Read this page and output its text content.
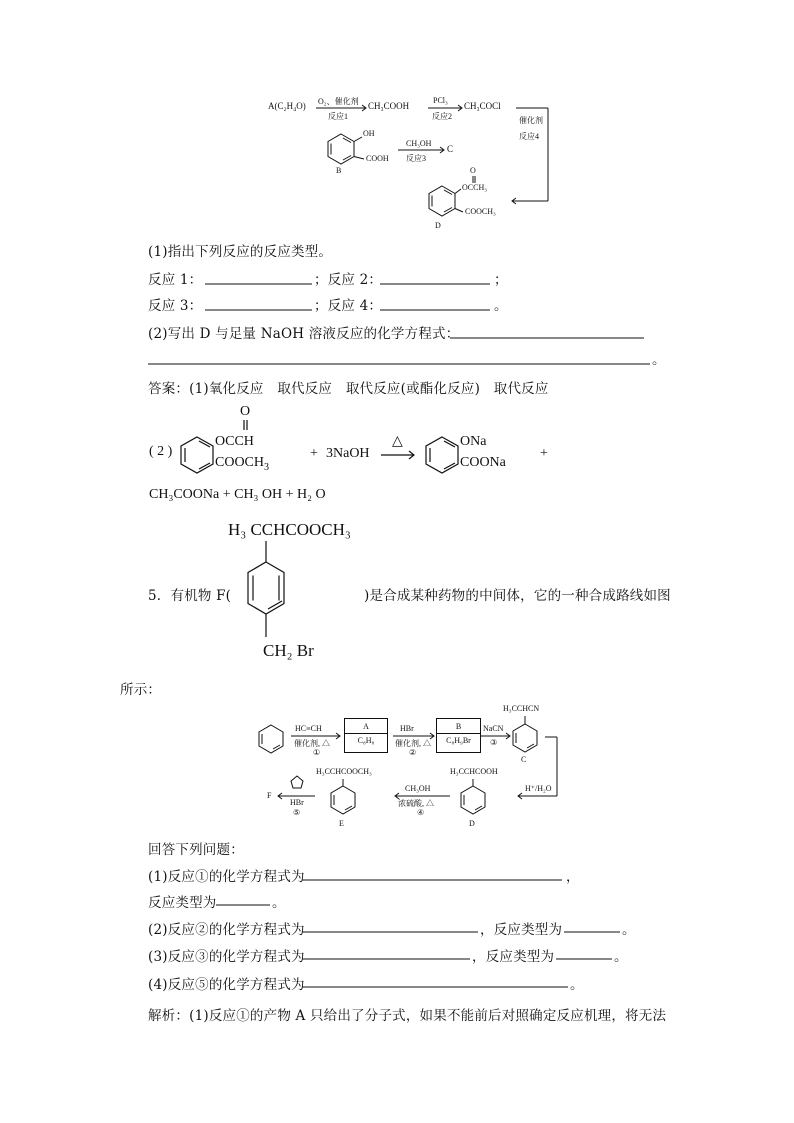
A(C₂H₄O) O₂、催化剂
反应1
CH₃COOH
PCl₃
反应2
CH₃COCl
催化剂
反应4
OH
COOH
B
CH₃OH
反应3
C
O
OCCH₃
COOCH₃
D
(1)指出下列反应的反应类型。
反应 1：	；反应 2：	；
反应 3：	；反应 4：	。
(2)写出 D 与足量 NaOH 溶液反应的化学方程式：
。
答案：(1)氧化反应　取代反应　取代反应(或酯化反应)　取代反应
( 2 )
O
OCCH
$COOCH_3$
+ 3NaOH
△	ONa
COONa
+
CH₃COONa + CH₃ OH + H₂ O
H₃ CCHCOOCH₃
5．有机物 F(	)是合成某种药物的中间体，它的一种合成路线如图
CH₂ Br
所示：
HC≡CH
催化剂, △
①
A
C₈H₈
HBr
催化剂, △
②
B
C₈H₉Br
NaCN
③
H₃CCHCN
C
H⁺/H₂O
H₃CCHCOOH
D
CH₃OH
浓硫酸, △
④
H₃CCHCOOCH₃
E
F
HBr
⑤
回答下列问题：
(1)反应①的化学方程式为	，
反应类型为	。
(2)反应②的化学方程式为	，反应类型为	。
(3)反应③的化学方程式为	，反应类型为	。
(4)反应⑤的化学方程式为	。
解析：(1)反应①的产物 A 只给出了分子式，如果不能前后对照确定反应机理，将无法
